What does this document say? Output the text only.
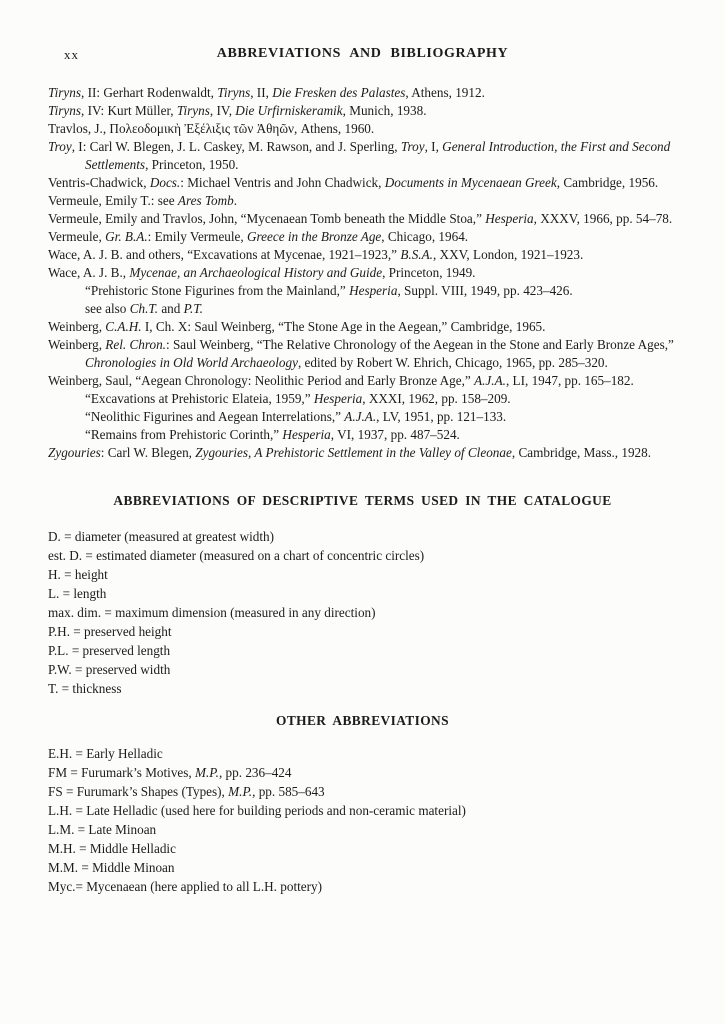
xx	ABBREVIATIONS AND BIBLIOGRAPHY

Tiryns, II: Gerhart Rodenwaldt, Tiryns, II, Die Fresken des Palastes, Athens, 1912.

Tiryns, IV: Kurt Müller, Tiryns, IV, Die Urfirniskeramik, Munich, 1938.

Travlos, J., Πολεοδομικὴ Ἐξέλιξις τῶν Ἀθηῶν, Athens, 1960.

Troy, I: Carl W. Blegen, J. L. Caskey, M. Rawson, and J. Sperling, Troy, I, General Introduction, the First and Second Settlements, Princeton, 1950.

Ventris-Chadwick, Docs.: Michael Ventris and John Chadwick, Documents in Mycenaean Greek, Cambridge, 1956.

Vermeule, Emily T.: see Ares Tomb.

Vermeule, Emily and Travlos, John, “Mycenaean Tomb beneath the Middle Stoa,” Hesperia, XXXV, 1966, pp. 54–78.

Vermeule, Gr. B.A.: Emily Vermeule, Greece in the Bronze Age, Chicago, 1964.

Wace, A. J. B. and others, “Excavations at Mycenae, 1921–1923,” B.S.A., XXV, London, 1921–1923.

Wace, A. J. B., Mycenae, an Archaeological History and Guide, Princeton, 1949.

“Prehistoric Stone Figurines from the Mainland,” Hesperia, Suppl. VIII, 1949, pp. 423–426.

see also Ch.T. and P.T.

Weinberg, C.A.H. I, Ch. X: Saul Weinberg, “The Stone Age in the Aegean,” Cambridge, 1965.

Weinberg, Rel. Chron.: Saul Weinberg, “The Relative Chronology of the Aegean in the Stone and Early Bronze Ages,” Chronologies in Old World Archaeology, edited by Robert W. Ehrich, Chicago, 1965, pp. 285–320.

Weinberg, Saul, “Aegean Chronology: Neolithic Period and Early Bronze Age,” A.J.A., LI, 1947, pp. 165–182.

“Excavations at Prehistoric Elateia, 1959,” Hesperia, XXXI, 1962, pp. 158–209.

“Neolithic Figurines and Aegean Interrelations,” A.J.A., LV, 1951, pp. 121–133.

“Remains from Prehistoric Corinth,” Hesperia, VI, 1937, pp. 487–524.

Zygouries: Carl W. Blegen, Zygouries, A Prehistoric Settlement in the Valley of Cleonae, Cambridge, Mass., 1928.

ABBREVIATIONS OF DESCRIPTIVE TERMS USED IN THE CATALOGUE

D. = diameter (measured at greatest width)

est. D. = estimated diameter (measured on a chart of concentric circles)

H. = height

L. = length

max. dim. = maximum dimension (measured in any direction)

P.H. = preserved height

P.L. = preserved length

P.W. = preserved width

T. = thickness

OTHER ABBREVIATIONS

E.H. = Early Helladic

FM = Furumark’s Motives, M.P., pp. 236–424

FS = Furumark’s Shapes (Types), M.P., pp. 585–643

L.H. = Late Helladic (used here for building periods and non-ceramic material)

L.M. = Late Minoan

M.H. = Middle Helladic

M.M. = Middle Minoan

Myc.= Mycenaean (here applied to all L.H. pottery)
